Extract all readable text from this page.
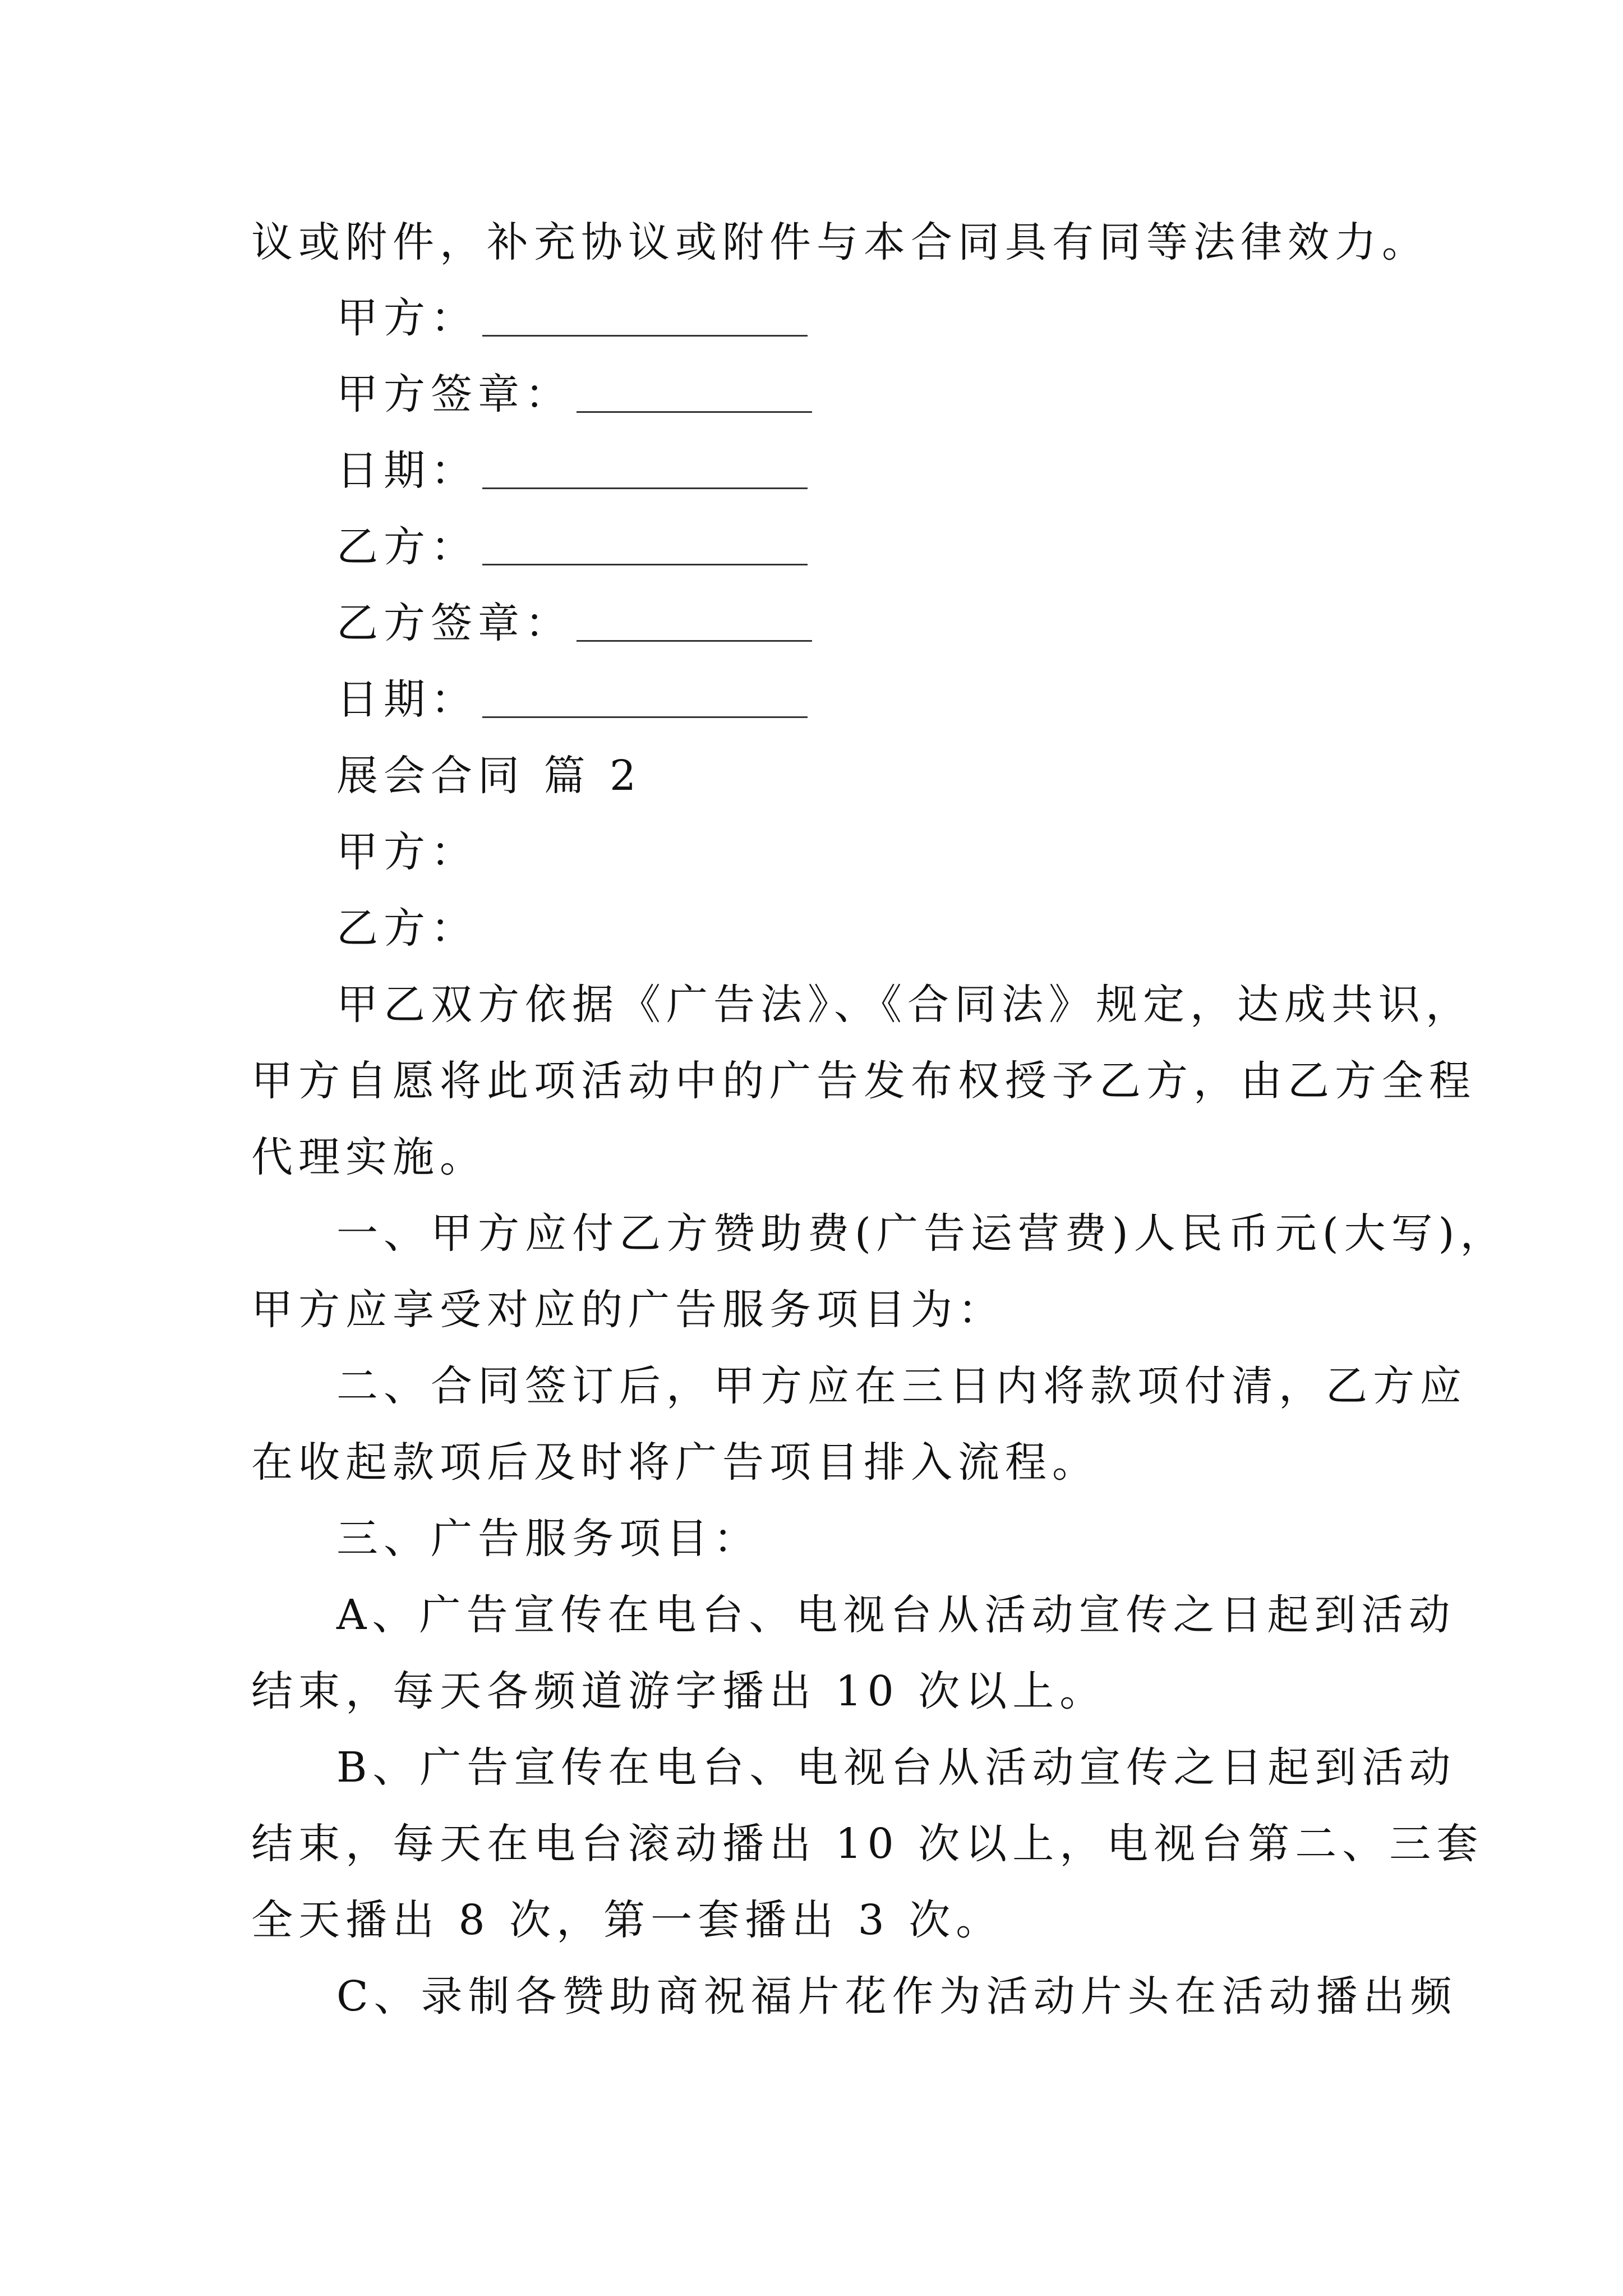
议或附件，补充协议或附件与本合同具有同等法律效力。
甲方：
甲方签章：
日期：
乙方：
乙方签章：
日期：
展会合同 篇 2
甲方：
乙方：
甲乙双方依据《广告法》、《合同法》规定，达成共识，
甲方自愿将此项活动中的广告发布权授予乙方，由乙方全程
代理实施。
一、甲方应付乙方赞助费(广告运营费)人民币元(大写)，
甲方应享受对应的广告服务项目为：
二、合同签订后，甲方应在三日内将款项付清，乙方应
在收起款项后及时将广告项目排入流程。
三、广告服务项目：
A、广告宣传在电台、电视台从活动宣传之日起到活动
结束，每天各频道游字播出 10 次以上。
B、广告宣传在电台、电视台从活动宣传之日起到活动
结束，每天在电台滚动播出 10 次以上，电视台第二、三套
全天播出 8 次，第一套播出 3 次。
C、录制各赞助商祝福片花作为活动片头在活动播出频
